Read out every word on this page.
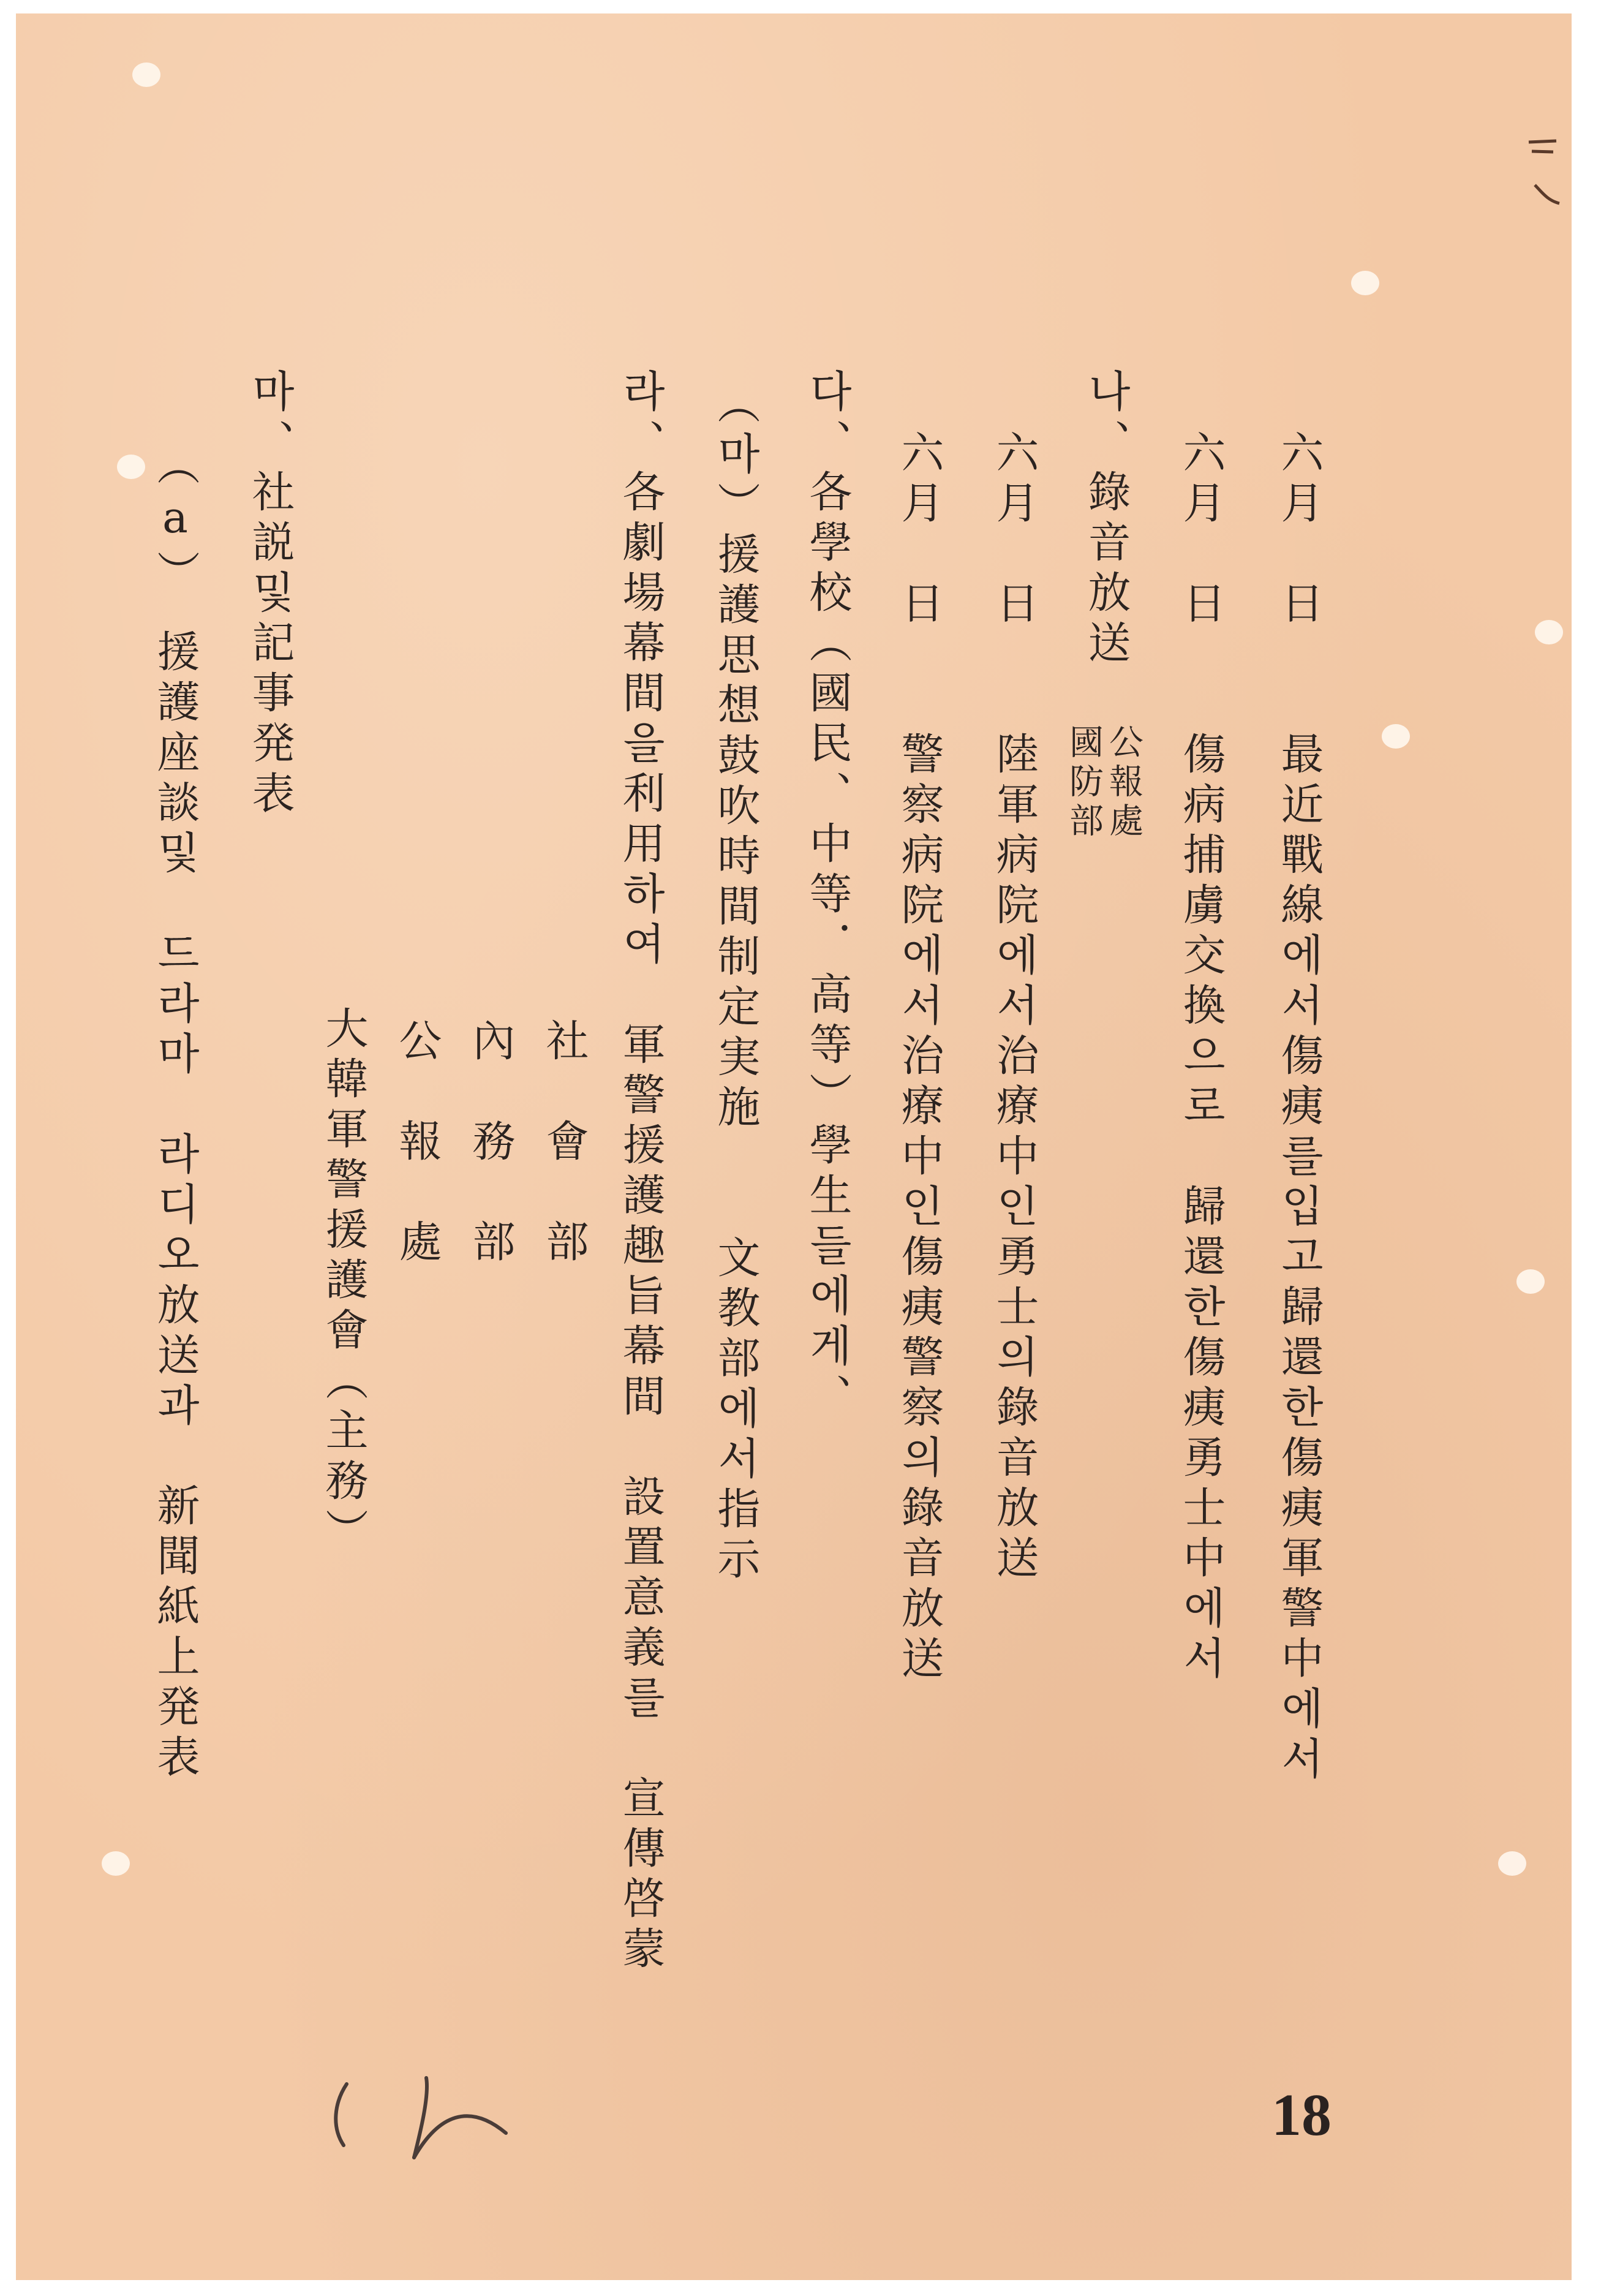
六月　日　　最近戰線에서傷痍를입고歸還한傷痍軍警中에서
六月　日　　傷病捕虜交換으로　歸還한傷痍勇士中에서
나、錄音放送
國防部 公報處
六月　日　　陸軍病院에서治療中인勇士의錄音放送
六月　日　　警察病院에서治療中인傷痍警察의錄音放送
다、各學校（國民、中等．高等）學生들에게、
（마）援護思想鼓吹時間制定実施　　文教部에서指示
라、各劇場幕間을利用하여　軍警援護趣旨幕間　設置意義를　宣傳啓蒙
社　會　部
內　務　部
公　報　處
大韓軍警援護會（主務）
마、社説및記事発表
（a）　援護座談및　드라마　라디오放送과　新聞紙上発表
18
